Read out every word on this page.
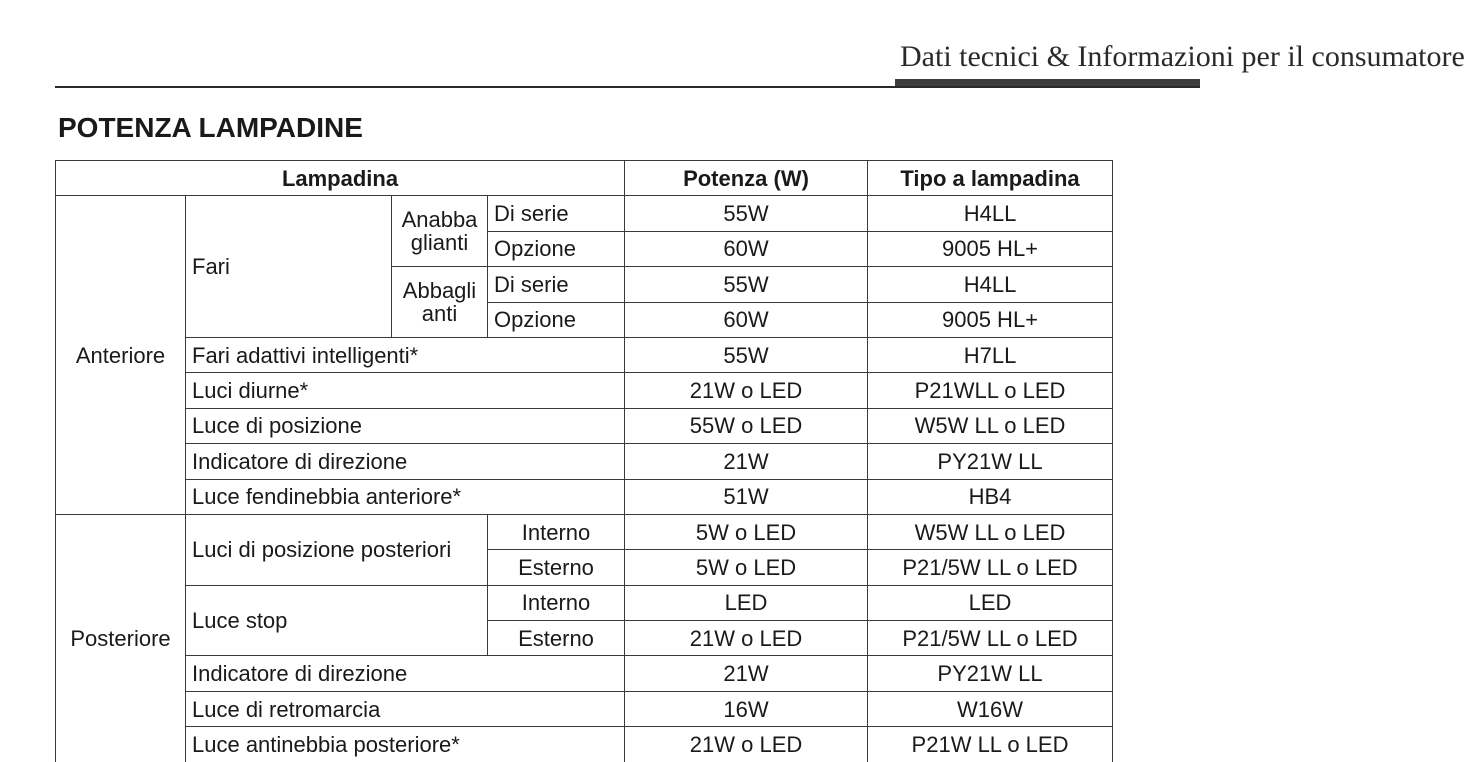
Dati tecnici & Informazioni per il consumatore
POTENZA LAMPADINE
Lampadina				Potenza (W)	Tipo a lampadina
Anteriore	Fari	Anabba glianti	Di serie	55W	H4LL
			Opzione	60W	9005 HL+
		Abbagli anti	Di serie	55W	H4LL
			Opzione	60W	9005 HL+
	Fari adattivi intelligenti*			55W	H7LL
	Luci diurne*			21W o LED	P21WLL o LED
	Luce di posizione			55W o LED	W5W LL o LED
	Indicatore di direzione			21W	PY21W LL
	Luce fendinebbia anteriore*			51W	HB4
Posteriore	Luci di posizione posteriori		Interno	5W o LED	W5W LL o LED
			Esterno	5W o LED	P21/5W LL o LED
	Luce stop		Interno	LED	LED
			Esterno	21W o LED	P21/5W LL o LED
	Indicatore di direzione			21W	PY21W LL
	Luce di retromarcia			16W	W16W
	Luce antinebbia posteriore*			21W o LED	P21W LL o LED
